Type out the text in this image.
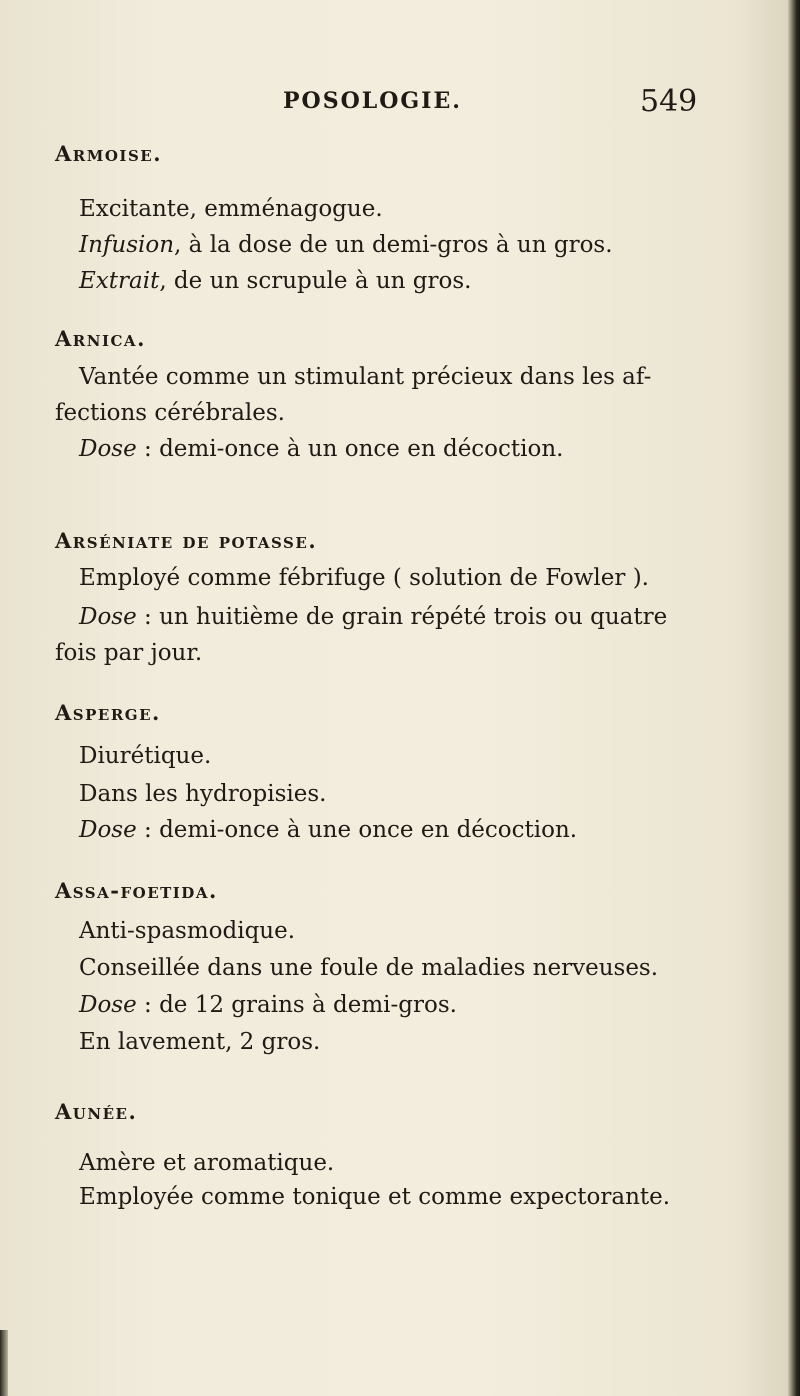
POSOLOGIE.	549
Armoise.
Excitante, emménagogue.
Infusion, à la dose de un demi-gros à un gros.
Extrait, de un scrupule à un gros.
Arnica.
Vantée comme un stimulant précieux dans les af-
fections cérébrales.
Dose : demi-once à un once en décoction.
Arséniate de potasse.
Employé comme fébrifuge ( solution de Fowler ).
Dose : un huitième de grain répété trois ou quatre
fois par jour.
Asperge.
Diurétique.
Dans les hydropisies.
Dose : demi-once à une once en décoction.
Assa-foetida.
Anti-spasmodique.
Conseillée dans une foule de maladies nerveuses.
Dose : de 12 grains à demi-gros.
En lavement, 2 gros.
Aunée.
Amère et aromatique.
Employée comme tonique et comme expectorante.
